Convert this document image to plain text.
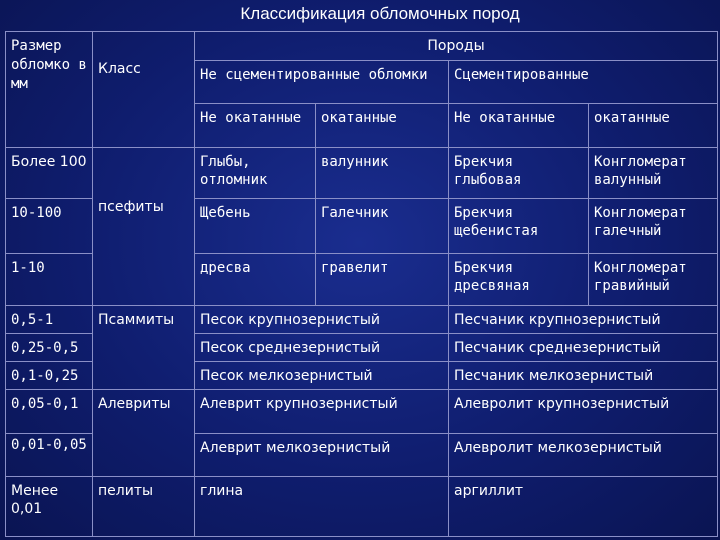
Классификация обломочных пород
Размер обломко в мм	Класс	Породы			
		Не сцементированные обломки		Сцементированные	
		Не окатанные	окатанные	Не окатанные	окатанные
Более 100	псефиты	Глыбы, отломник	валунник	Брекчия глыбовая	Конгломерат валунный
10-100		Щебень	Галечник	Брекчия щебенистая	Конгломерат галечный
1-10		дресва	гравелит	Брекчия дресвяная	Конгломерат гравийный
0,5-1	Псаммиты	Песок крупнозернистый		Песчаник крупнозернистый	
0,25-0,5		Песок среднезернистый		Песчаник среднезернистый	
0,1-0,25		Песок мелкозернистый		Песчаник мелкозернистый	
0,05-0,1	Алевриты	Алеврит крупнозернистый		Алевролит крупнозернистый	
0,01-0,05		Алеврит мелкозернистый		Алевролит мелкозернистый	
Менее 0,01	пелиты	глина		аргиллит	
